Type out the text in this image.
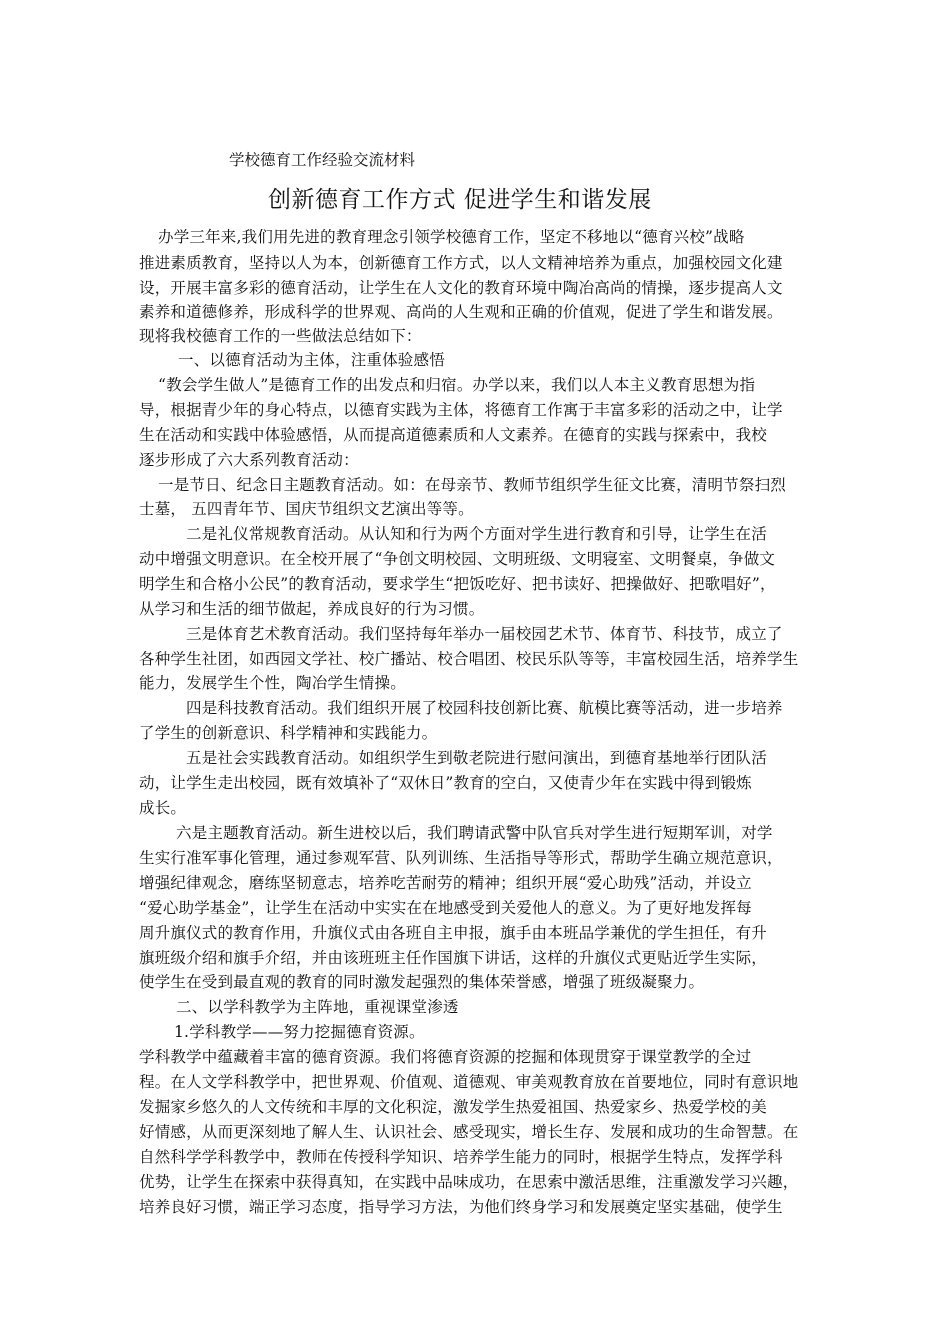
学校德育工作经验交流材料
创新德育工作方式 促进学生和谐发展
办学三年来,我们用先进的教育理念引领学校德育工作，坚定不移地以“德育兴校”战略
推进素质教育，坚持以人为本，创新德育工作方式，以人文精神培养为重点，加强校园文化建
设，开展丰富多彩的德育活动，让学生在人文化的教育环境中陶冶高尚的情操，逐步提高人文
素养和道德修养，形成科学的世界观、高尚的人生观和正确的价值观，促进了学生和谐发展。
现将我校德育工作的一些做法总结如下：
一、以德育活动为主体，注重体验感悟
“教会学生做人”是德育工作的出发点和归宿。办学以来，我们以人本主义教育思想为指
导，根据青少年的身心特点，以德育实践为主体，将德育工作寓于丰富多彩的活动之中，让学
生在活动和实践中体验感悟，从而提高道德素质和人文素养。在德育的实践与探索中，我校
逐步形成了六大系列教育活动：
一是节日、纪念日主题教育活动。如：在母亲节、教师节组织学生征文比赛，清明节祭扫烈
士墓， 五四青年节、国庆节组织文艺演出等等。
二是礼仪常规教育活动。从认知和行为两个方面对学生进行教育和引导，让学生在活
动中增强文明意识。在全校开展了“争创文明校园、文明班级、文明寝室、文明餐桌，争做文
明学生和合格小公民”的教育活动，要求学生“把饭吃好、把书读好、把操做好、把歌唱好”，
从学习和生活的细节做起，养成良好的行为习惯。
三是体育艺术教育活动。我们坚持每年举办一届校园艺术节、体育节、科技节，成立了
各种学生社团，如西园文学社、校广播站、校合唱团、校民乐队等等，丰富校园生活，培养学生
能力，发展学生个性，陶冶学生情操。
四是科技教育活动。我们组织开展了校园科技创新比赛、航模比赛等活动，进一步培养
了学生的创新意识、科学精神和实践能力。
五是社会实践教育活动。如组织学生到敬老院进行慰问演出，到德育基地举行团队活
动，让学生走出校园，既有效填补了“双休日”教育的空白，又使青少年在实践中得到锻炼
成长。
六是主题教育活动。新生进校以后，我们聘请武警中队官兵对学生进行短期军训，对学
生实行准军事化管理，通过参观军营、队列训练、生活指导等形式，帮助学生确立规范意识，
增强纪律观念，磨练坚韧意志，培养吃苦耐劳的精神；组织开展“爱心助残”活动，并设立
“爱心助学基金”，让学生在活动中实实在在地感受到关爱他人的意义。为了更好地发挥每
周升旗仪式的教育作用，升旗仪式由各班自主申报，旗手由本班品学兼优的学生担任，有升
旗班级介绍和旗手介绍，并由该班班主任作国旗下讲话，这样的升旗仪式更贴近学生实际，
使学生在受到最直观的教育的同时激发起强烈的集体荣誉感，增强了班级凝聚力。
二、以学科教学为主阵地，重视课堂渗透
1.学科教学——努力挖掘德育资源。
学科教学中蕴藏着丰富的德育资源。我们将德育资源的挖掘和体现贯穿于课堂教学的全过
程。在人文学科教学中，把世界观、价值观、道德观、审美观教育放在首要地位，同时有意识地
发掘家乡悠久的人文传统和丰厚的文化积淀，激发学生热爱祖国、热爱家乡、热爱学校的美
好情感，从而更深刻地了解人生、认识社会、感受现实，增长生存、发展和成功的生命智慧。在
自然科学学科教学中，教师在传授科学知识、培养学生能力的同时，根据学生特点，发挥学科
优势，让学生在探索中获得真知，在实践中品味成功，在思索中激活思维，注重激发学习兴趣，
培养良好习惯，端正学习态度，指导学习方法，为他们终身学习和发展奠定坚实基础，使学生
